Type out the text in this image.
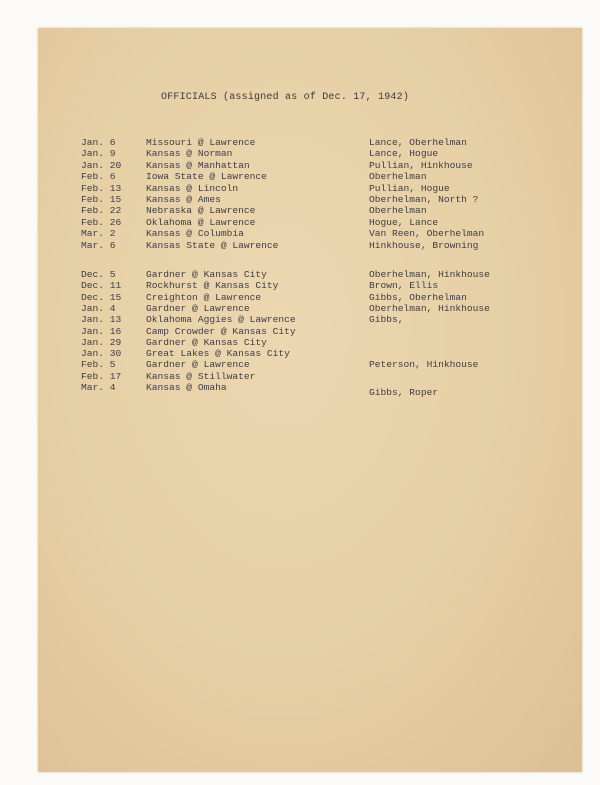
OFFICIALS (assigned as of Dec. 17, 1942)
Jan. 6	Missouri @ Lawrence	Lance, Oberhelman
Jan. 9	Kansas @ Norman	Lance, Hogue
Jan. 20	Kansas @ Manhattan	Pullian, Hinkhouse
Feb. 6	Iowa State @ Lawrence	Oberhelman
Feb. 13	Kansas @ Lincoln	Pullian, Hogue
Feb. 15	Kansas @ Ames	Oberhelman, North ?
Feb. 22	Nebraska @ Lawrence	Oberhelman
Feb. 26	Oklahoma @ Lawrence	Hogue, Lance
Mar. 2	Kansas @ Columbia	Van Reen, Oberhelman
Mar. 6	Kansas State @ Lawrence	Hinkhouse, Browning
Dec. 5	Gardner @ Kansas City	Oberhelman, Hinkhouse
Dec. 11	Rockhurst @ Kansas City	Brown, Ellis
Dec. 15	Creighton @ Lawrence	Gibbs, Oberhelman
Jan. 4	Gardner @ Lawrence	Oberhelman, Hinkhouse
Jan. 13	Oklahoma Aggies @ Lawrence	Gibbs,
Jan. 16	Camp Crowder @ Kansas City
Jan. 29	Gardner @ Kansas City
Jan. 30	Great Lakes @ Kansas City
Feb. 5	Gardner @ Lawrence	Peterson, Hinkhouse
Feb. 17	Kansas @ Stillwater
Mar. 4	Kansas @ Omaha	Gibbs, Roper
